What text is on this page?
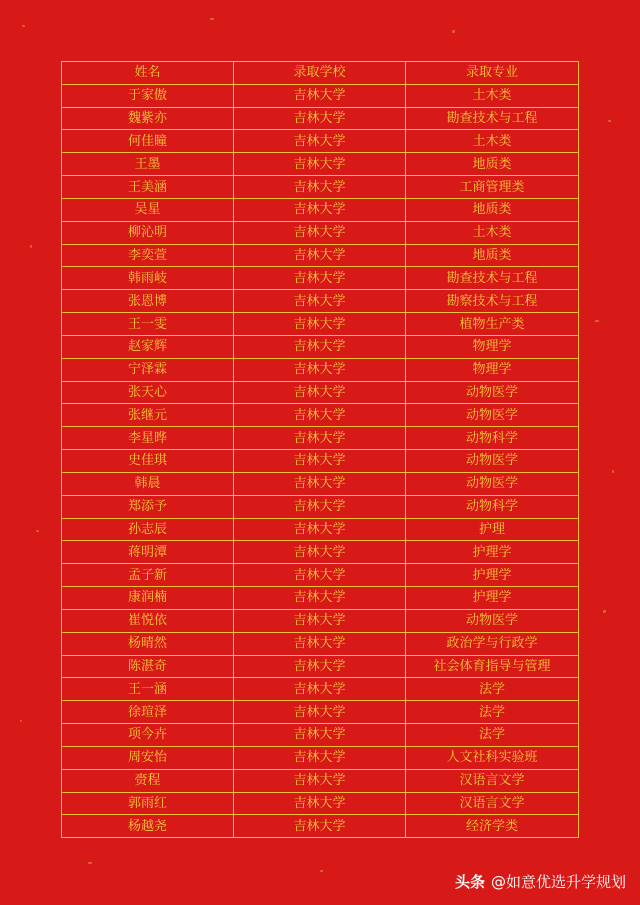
姓名	录取学校	录取专业
于家傲	吉林大学	土木类
魏紫亦	吉林大学	勘查技术与工程
何佳瞳	吉林大学	土木类
王墨	吉林大学	地质类
王美涵	吉林大学	工商管理类
吴星	吉林大学	地质类
柳沁明	吉林大学	土木类
李奕萱	吉林大学	地质类
韩雨岐	吉林大学	勘查技术与工程
张恩博	吉林大学	勘察技术与工程
王一雯	吉林大学	植物生产类
赵家辉	吉林大学	物理学
宁泽霖	吉林大学	物理学
张天心	吉林大学	动物医学
张继元	吉林大学	动物医学
李星晔	吉林大学	动物科学
史佳琪	吉林大学	动物医学
韩晨	吉林大学	动物医学
郑添予	吉林大学	动物科学
孙志辰	吉林大学	护理
蒋明潭	吉林大学	护理学
孟子新	吉林大学	护理学
康润楠	吉林大学	护理学
崔悦依	吉林大学	动物医学
杨晴然	吉林大学	政治学与行政学
陈湛奇	吉林大学	社会体育指导与管理
王一涵	吉林大学	法学
徐瑄泽	吉林大学	法学
项今卉	吉林大学	法学
周安怡	吉林大学	人文社科实验班
赍程	吉林大学	汉语言文学
郭雨红	吉林大学	汉语言文学
杨越尧	吉林大学	经济学类
头条 @如意优选升学规划
